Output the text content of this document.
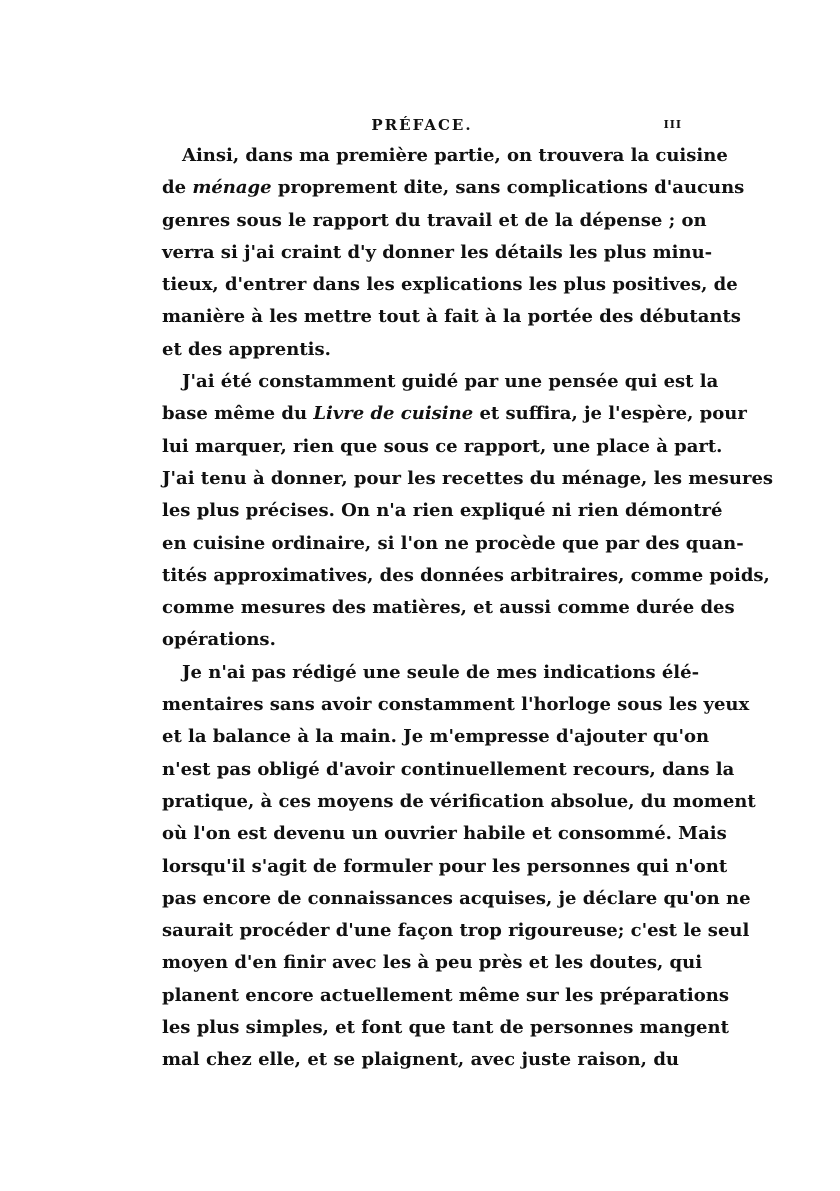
PRÉFACE.	III

Ainsi, dans ma première partie, on trouvera la cuisine
de ménage proprement dite, sans complications d'aucuns
genres sous le rapport du travail et de la dépense ; on
verra si j'ai craint d'y donner les détails les plus minu-
tieux, d'entrer dans les explications les plus positives, de
manière à les mettre tout à fait à la portée des débutants
et des apprentis.

J'ai été constamment guidé par une pensée qui est la
base même du Livre de cuisine et suffira, je l'espère, pour
lui marquer, rien que sous ce rapport, une place à part.
J'ai tenu à donner, pour les recettes du ménage, les mesures
les plus précises. On n'a rien expliqué ni rien démontré
en cuisine ordinaire, si l'on ne procède que par des quan-
tités approximatives, des données arbitraires, comme poids,
comme mesures des matières, et aussi comme durée des
opérations.

Je n'ai pas rédigé une seule de mes indications élé-
mentaires sans avoir constamment l'horloge sous les yeux
et la balance à la main. Je m'empresse d'ajouter qu'on
n'est pas obligé d'avoir continuellement recours, dans la
pratique, à ces moyens de vérification absolue, du moment
où l'on est devenu un ouvrier habile et consommé. Mais
lorsqu'il s'agit de formuler pour les personnes qui n'ont
pas encore de connaissances acquises, je déclare qu'on ne
saurait procéder d'une façon trop rigoureuse; c'est le seul
moyen d'en finir avec les à peu près et les doutes, qui
planent encore actuellement même sur les préparations
les plus simples, et font que tant de personnes mangent
mal chez elle, et se plaignent, avec juste raison, du
